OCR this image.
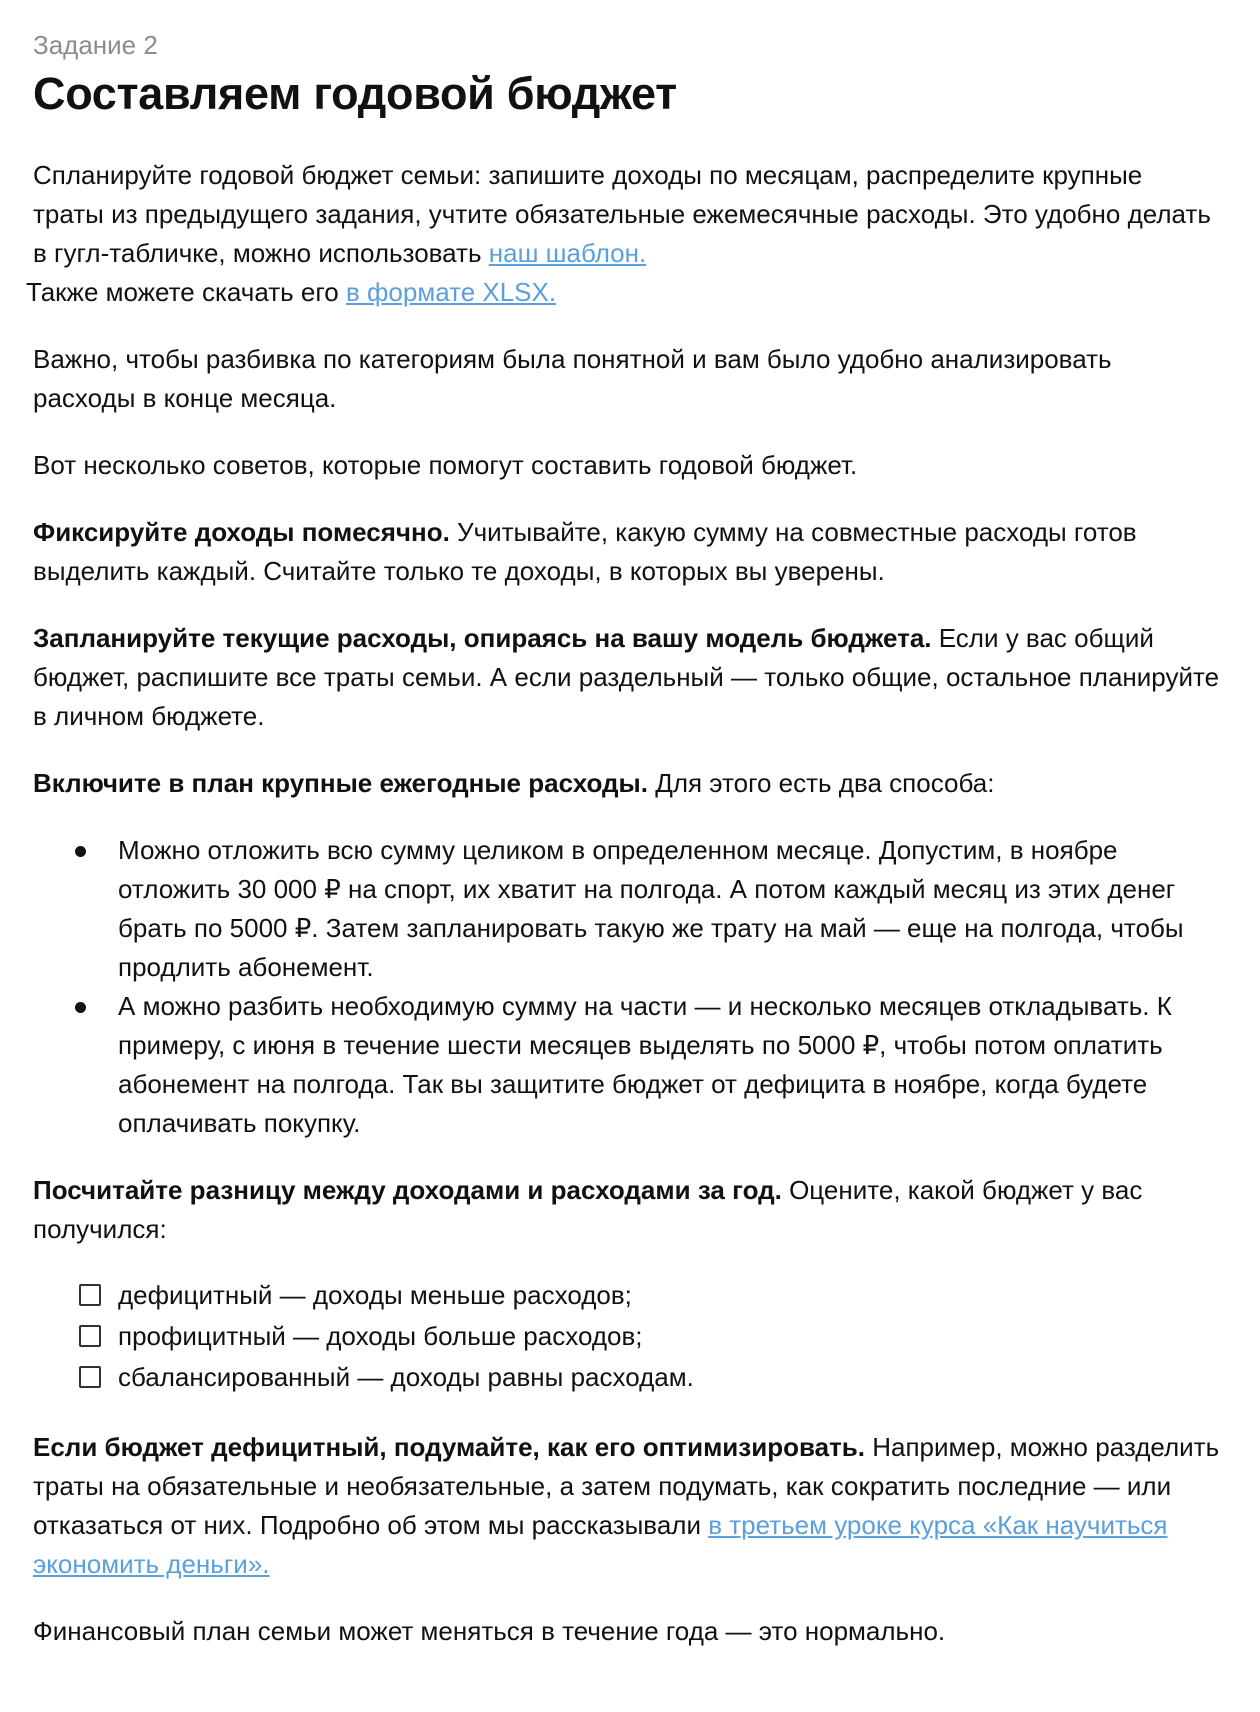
Задание 2
Составляем годовой бюджет

Спланируйте годовой бюджет семьи: запишите доходы по месяцам, распределите крупные траты из предыдущего задания, учтите обязательные ежемесячные расходы. Это удобно делать в гугл-табличке, можно использовать наш шаблон.
Также можете скачать его в формате XLSX.

Важно, чтобы разбивка по категориям была понятной и вам было удобно анализировать расходы в конце месяца.

Вот несколько советов, которые помогут составить годовой бюджет.

Фиксируйте доходы помесячно. Учитывайте, какую сумму на совместные расходы готов выделить каждый. Считайте только те доходы, в которых вы уверены.

Запланируйте текущие расходы, опираясь на вашу модель бюджета. Если у вас общий бюджет, распишите все траты семьи. А если раздельный — только общие, остальное планируйте в личном бюджете.

Включите в план крупные ежегодные расходы. Для этого есть два способа:

Можно отложить всю сумму целиком в определенном месяце. Допустим, в ноябре отложить 30 000 ₽ на спорт, их хватит на полгода. А потом каждый месяц из этих денег брать по 5000 ₽. Затем запланировать такую же трату на май — еще на полгода, чтобы продлить абонемент.
А можно разбить необходимую сумму на части — и несколько месяцев откладывать. К примеру, с июня в течение шести месяцев выделять по 5000 ₽, чтобы потом оплатить абонемент на полгода. Так вы защитите бюджет от дефицита в ноябре, когда будете оплачивать покупку.

Посчитайте разницу между доходами и расходами за год. Оцените, какой бюджет у вас получился:

дефицитный — доходы меньше расходов;
профицитный — доходы больше расходов;
сбалансированный — доходы равны расходам.

Если бюджет дефицитный, подумайте, как его оптимизировать. Например, можно разделить траты на обязательные и необязательные, а затем подумать, как сократить последние — или отказаться от них. Подробно об этом мы рассказывали в третьем уроке курса «Как научиться экономить деньги».

Финансовый план семьи может меняться в течение года — это нормально.
